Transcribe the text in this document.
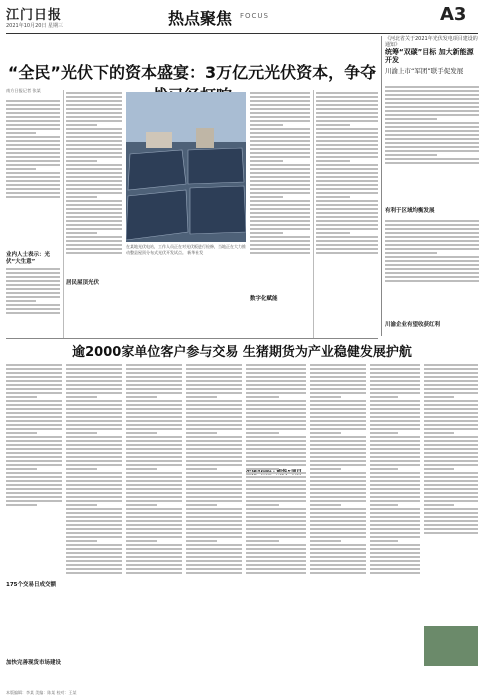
江门日报
2021年10月20日 星期三	热点聚焦 FOCUS	A3
“全民”光伏下的资本盛宴：3万亿元光伏资本，争夺
南方日报记者 张某
业内人士表示：光伏“大生意”
居民屋顶光伏
在某地光伏电站，工作人员正在对光伏板进行检修，当地正在大力推动整县屋顶分布式光伏开发试点。 新华社发
数字化赋能
《河北省关于2021年光伏发电项目建设的通知》
统筹“双碳”目标 加大新能源开发
川渝上市“军团”联手促发展
有利于区域均衡发展
川渝企业有望收获红利
逾2000家单位客户参与交易 生猪期货为产业稳健发展护航
175个交易日成交额
加快完善现货市场建设
本版编辑：李某 美编：陈某 校对：王某
